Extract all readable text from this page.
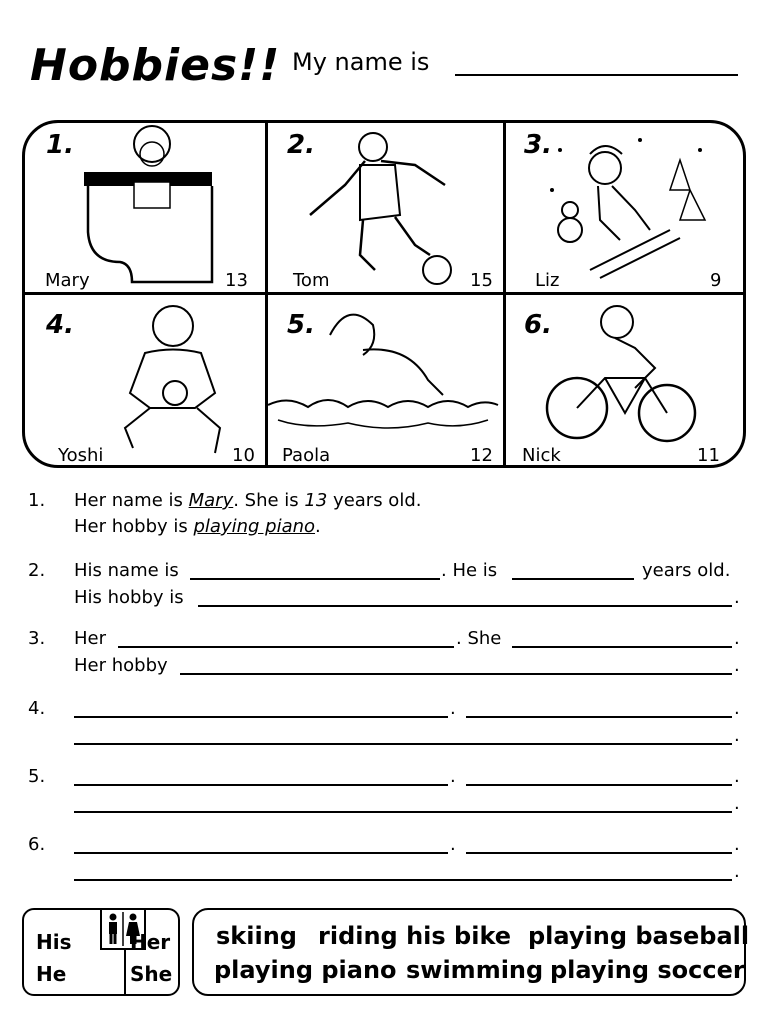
Hobbies!! My name is
1.
Mary	13
2.
Tom	15
3.
Liz	9
4.
Yoshi	10
5.
Paola	12
6.
Nick	11
1. Her name is Mary. She is 13 years old.
Her hobby is playing piano.
2. His name is	. He is	years old.
His hobby is	.
3. Her	. She	.
Her hobby	.
4.	.	.
.
5.	.	.
.
6.	.	.
.
His	Her
He	She
skiing riding his bike playing baseball
playing piano swimming playing soccer
